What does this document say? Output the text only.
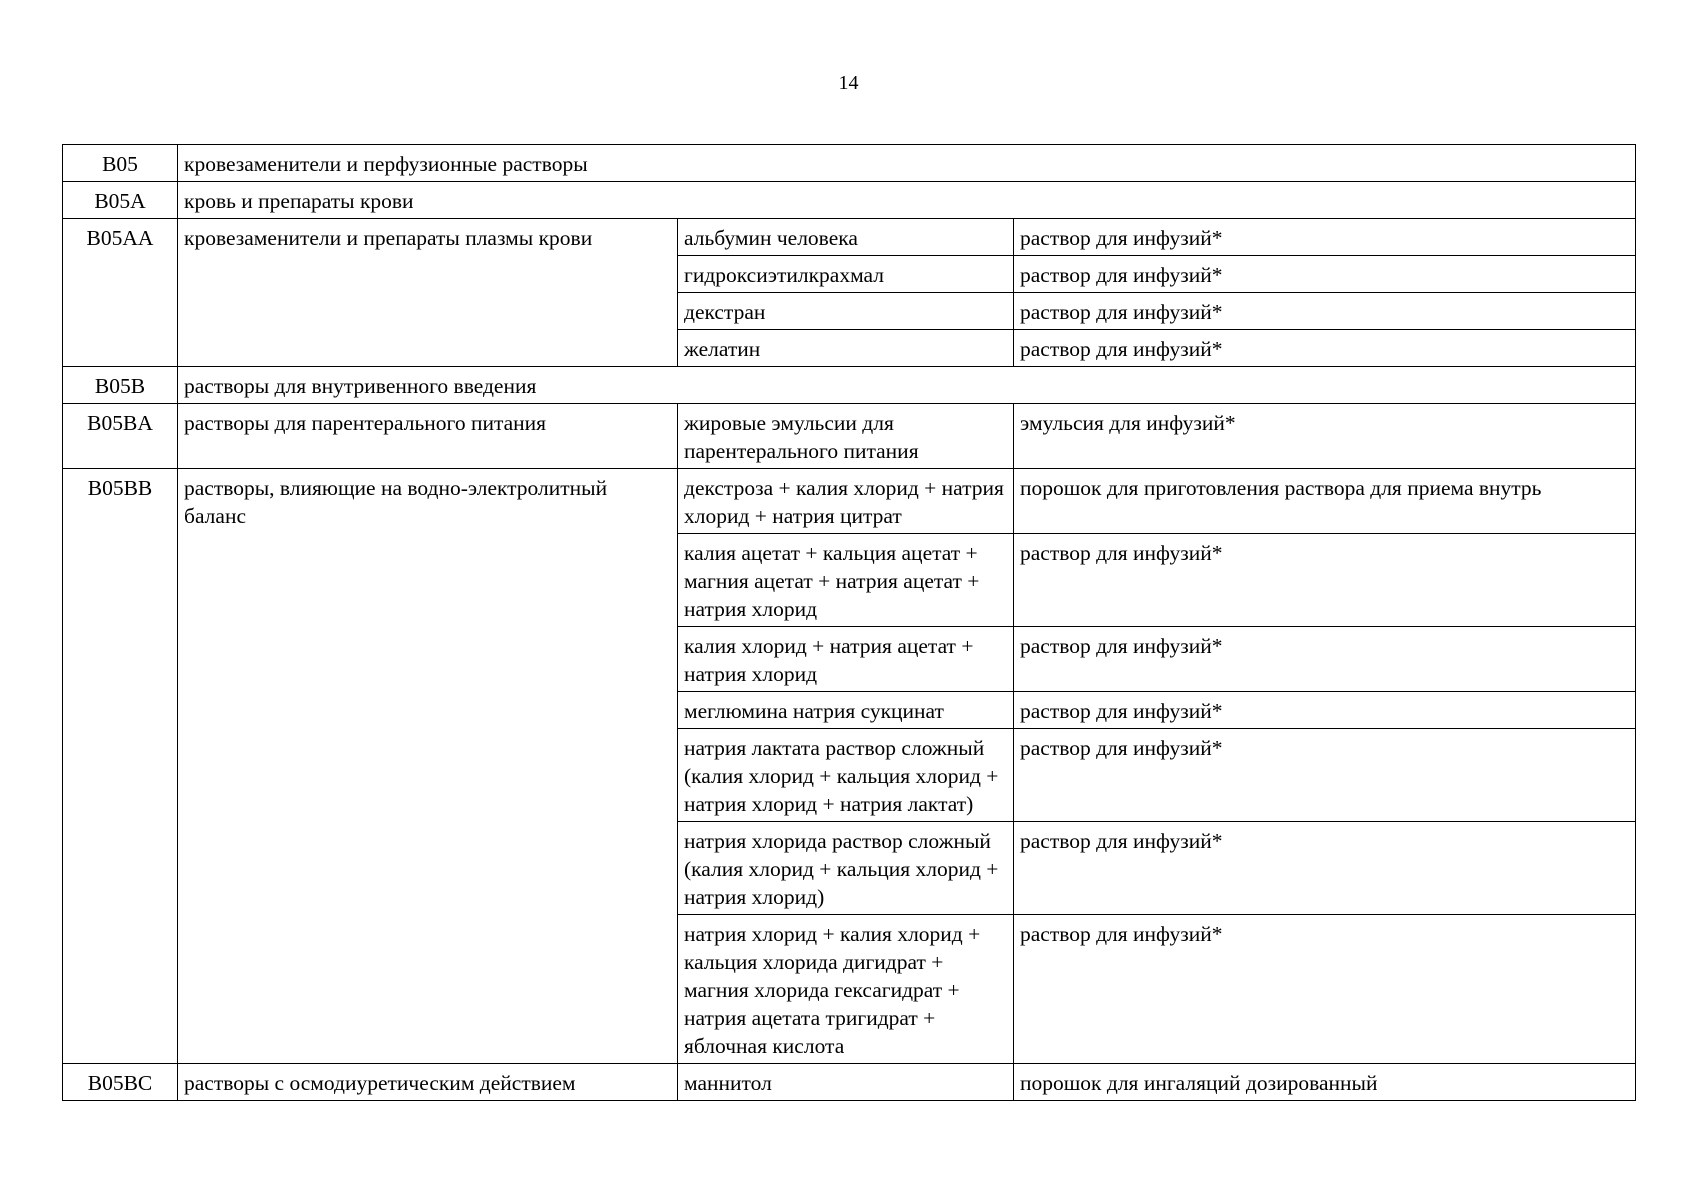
14
B05	кровезаменители и перфузионные растворы		
B05A	кровь и препараты крови		
B05AA	кровезаменители и препараты плазмы крови	альбумин человека	раствор для инфузий*
		гидроксиэтилкрахмал	раствор для инфузий*
		декстран	раствор для инфузий*
		желатин	раствор для инфузий*
B05B	растворы для внутривенного введения		
B05BA	растворы для парентерального питания	жировые эмульсии для парентерального питания	эмульсия для инфузий*
B05BB	растворы, влияющие на водно-электролитный баланс	декстроза + калия хлорид + натрия хлорид + натрия цитрат	порошок для приготовления раствора для приема внутрь
		калия ацетат + кальция ацетат + магния ацетат + натрия ацетат + натрия хлорид	раствор для инфузий*
		калия хлорид + натрия ацетат + натрия хлорид	раствор для инфузий*
		меглюмина натрия сукцинат	раствор для инфузий*
		натрия лактата раствор сложный (калия хлорид + кальция хлорид + натрия хлорид + натрия лактат)	раствор для инфузий*
		натрия хлорида раствор сложный (калия хлорид + кальция хлорид + натрия хлорид)	раствор для инфузий*
		натрия хлорид + калия хлорид + кальция хлорида дигидрат + магния хлорида гексагидрат + натрия ацетата тригидрат + яблочная кислота	раствор для инфузий*
B05BC	растворы с осмодиуретическим действием	маннитол	порошок для ингаляций дозированный
